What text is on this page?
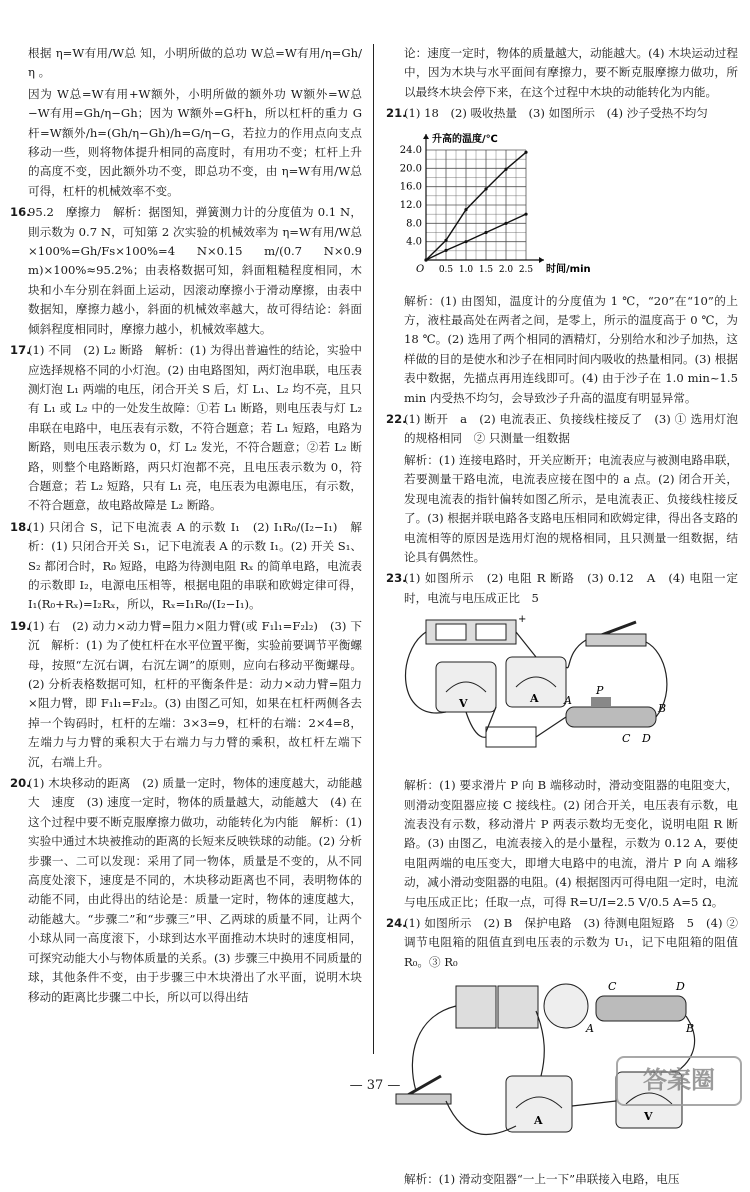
根据 η=W有用/W总 知，小明所做的总功 W总=W有用/η=Gh/η 。

因为 W总=W有用+W额外，小明所做的额外功 W额外=W总−W有用=Gh/η−Gh；因为 W额外=G杆h，所以杠杆的重力 G杆=W额外/h=(Gh/η−Gh)/h=G/η−G，若拉力的作用点向支点移动一些，则将物体提升相同的高度时，有用功不变；杠杆上升的高度不变，因此额外功不变，即总功不变，由 η=W有用/W总 可得，杠杆的机械效率不变。

16.95.2　摩擦力　解析：据图知，弹簧测力计的分度值为 0.1 N，則示数为 0.7 N，可知第 2 次实验的机械效率为 η=W有用/W总×100%=Gh/Fs×100%=4 N×0.15 m/(0.7 N×0.9 m)×100%≈95.2%；由表格数据可知，斜面粗糙程度相同，木块和小车分别在斜面上运动，因滚动摩擦小于滑动摩擦，由表中数据知，摩擦力越小，斜面的机械效率越大，故可得结论：斜面倾斜程度相同时，摩擦力越小，机械效率越大。

17.(1) 不同　(2) L₂ 断路　解析：(1) 为得出普遍性的结论，实验中应选择规格不同的小灯泡。(2) 由电路图知，两灯泡串联，电压表测灯泡 L₁ 两端的电压，闭合开关 S 后，灯 L₁、L₂ 均不亮，且只有 L₁ 或 L₂ 中的一处发生故障：①若 L₁ 断路，则电压表与灯 L₂ 串联在电路中，电压表有示数，不符合题意；若 L₁ 短路，电路为断路，则电压表示数为 0，灯 L₂ 发光，不符合题意；②若 L₂ 断路，则整个电路断路，两只灯泡都不亮，且电压表示数为 0，符合题意；若 L₂ 短路，只有 L₁ 亮，电压表为电源电压，有示数，不符合题意，故电路故障是 L₂ 断路。

18.(1) 只闭合 S，记下电流表 A 的示数 I₁　(2) I₁R₀/(I₂−I₁)　解析：(1) 只闭合开关 S₁，记下电流表 A 的示数 I₁。(2) 开关 S₁、S₂ 都闭合时，R₀ 短路，电路为待测电阻 Rₓ 的简单电路，电流表的示数即 I₂，电源电压相等，根据电阻的串联和欧姆定律可得，I₁(R₀+Rₓ)=I₂Rₓ，所以，Rₓ=I₁R₀/(I₂−I₁)。

19.(1) 右　(2) 动力×动力臂=阻力×阻力臂(或 F₁l₁=F₂l₂)　(3) 下沉　解析：(1) 为了使杠杆在水平位置平衡，实验前要调节平衡螺母，按照“左沉右调，右沉左调”的原则，应向右移动平衡螺母。(2) 分析表格数据可知，杠杆的平衡条件是：动力×动力臂=阻力×阻力臂，即 F₁l₁=F₂l₂。(3) 由图乙可知，如果在杠杆两侧各去掉一个钩码时，杠杆的左端：3×3=9，杠杆的右端：2×4=8，左端力与力臂的乘积大于右端力与力臂的乘积，故杠杆左端下沉，右端上升。

20.(1) 木块移动的距离　(2) 质量一定时，物体的速度越大，动能越大　速度　(3) 速度一定时，物体的质量越大，动能越大　(4) 在这个过程中要不断克服摩擦力做功，动能转化为内能　解析：(1) 实验中通过木块被推动的距离的长短来反映铁球的动能。(2) 分析步骤一、二可以发现：采用了同一物体，质量是不变的，从不同高度处滚下，速度是不同的，木块移动距离也不同，表明物体的动能不同，由此得出的结论是：质量一定时，物体的速度越大，动能越大。“步骤二”和“步骤三”甲、乙两球的质量不同，让两个小球从同一高度滚下，小球到达水平面推动木块时的速度相同，可探究动能大小与物体质量的关系。(3) 步骤三中换用不同质量的球，其他条件不变，由于步骤三中木块滑出了水平面，说明木块移动的距离比步骤二中长，所以可以得出结

论：速度一定时，物体的质量越大，动能越大。(4) 木块运动过程中，因为木块与水平面间有摩擦力，要不断克服摩擦力做功，所以最终木块会停下来，在这个过程中木块的动能转化为内能。

21.(1) 18　(2) 吸收热量　(3) 如图所示　(4) 沙子受热不均匀

4.0
8.0
12.0
16.0
20.0
24.0
0.5 1.0 1.5 2.0 2.5
O
升高的温度/℃
时间/min

解析：(1) 由图知，温度计的分度值为 1 ℃，“20”在“10”的上方，液柱最高处在两者之间，是零上，所示的温度高于 0 ℃，为 18 ℃。(2) 选用了两个相同的酒精灯，分别给水和沙子加热，这样做的目的是使水和沙子在相同时间内吸收的热量相同。(3) 根据表中数据，先描点再用连线即可。(4) 由于沙子在 1.0 min~1.5 min 内受热不均匀，会导致沙子升高的温度有明显异常。

22.(1) 断开　a　(2) 电流表正、负接线柱接反了　(3) ① 选用灯泡的规格相同　② 只测量一组数据

解析：(1) 连接电路时，开关应断开；电流表应与被测电路串联，若要测量干路电流，电流表应接在图中的 a 点。(2) 闭合开关，发现电流表的指针偏转如图乙所示，是电流表正、负接线柱接反了。(3) 根据并联电路各支路电压相同和欧姆定律，得出各支路的电流相等的原因是选用灯泡的规格相同，且只测量一组数据，结论具有偶然性。

23.(1) 如图所示　(2) 电阻 R 断路　(3) 0.12　A　(4) 电阻一定时，电流与电压成正比　5

+
V	A A
P
B
C D

解析：(1) 要求滑片 P 向 B 端移动时，滑动变阻器的电阻变大，则滑动变阻器应接 C 接线柱。(2) 闭合开关，电压表有示数，电流表没有示数，移动滑片 P 两表示数均无变化，说明电阻 R 断路。(3) 由图乙，电流表接入的是小量程，示数为 0.12 A，要使电阻两端的电压变大，即增大电路中的电流，滑片 P 向 A 端移动，减小滑动变阻器的电阻。(4) 根据图丙可得电阻一定时，电流与电压成正比；任取一点，可得 R=U/I=2.5 V/0.5 A=5 Ω。

24.(1) 如图所示　(2) B　保护电路　(3) 待测电阻短路　5　(4) ② 调节电阻箱的阻值直到电压表的示数为 U₁，记下电阻箱的阻值 R₀。③ R₀

C	D
A	B
A	V

解析：(1) 滑动变阻器“一上一下”串联接入电路，电压

答案圈
— 37 —
